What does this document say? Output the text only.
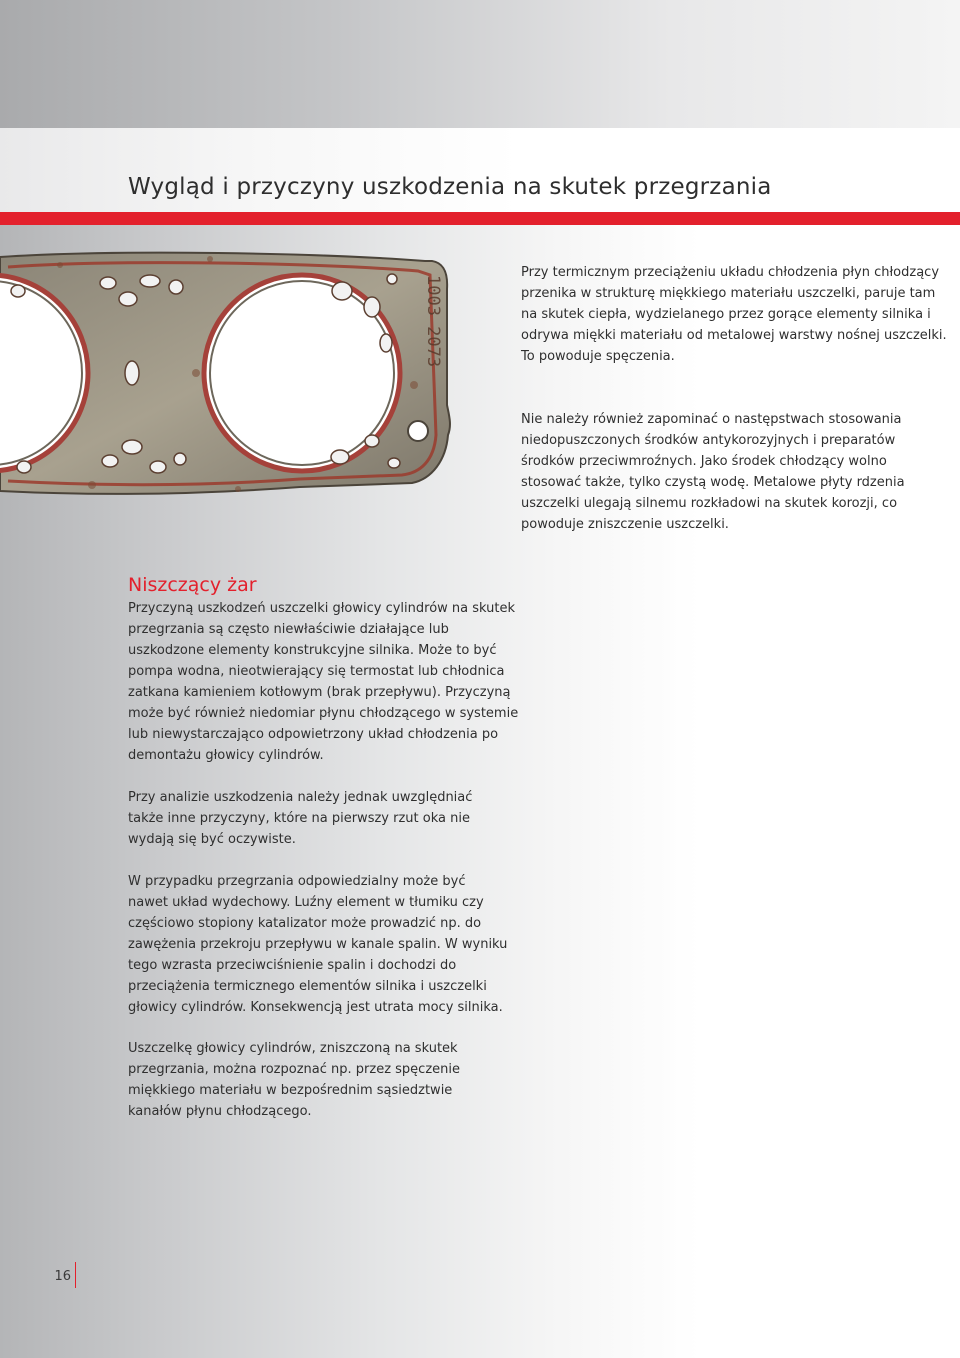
Wygląd i przyczyny uszkodzenia na skutek przegrzania
1003 2073

Przy termicznym przeciążeniu układu chłodzenia płyn chłodzący przenika w strukturę miękkiego materiału uszczelki, paruje tam na skutek ciepła, wydzielanego przez gorące elementy silnika i odrywa miękki materiału od metalowej warstwy nośnej uszczelki. To powoduje spęczenia.

Nie należy również zapominać o następstwach stosowania niedopuszczonych środków antykorozyjnych i preparatów środków przeciwmroźnych. Jako środek chłodzący wolno stosować także, tylko czystą wodę. Metalowe płyty rdzenia uszczelki ulegają silnemu rozkładowi na skutek korozji, co powoduje zniszczenie uszczelki.

Niszczący żar

Przyczyną uszkodzeń uszczelki głowicy cylindrów na skutek przegrzania są często niewłaściwie działające lub uszkodzone elementy konstrukcyjne silnika. Może to być pompa wodna, nieotwierający się termostat lub chłodnica zatkana kamieniem kotłowym (brak przepływu). Przyczyną może być również niedomiar płynu chłodzącego w systemie lub niewystarczająco odpowietrzony układ chłodzenia po demontażu głowicy cylindrów.

Przy analizie uszkodzenia należy jednak uwzględniać także inne przyczyny, które na pierwszy rzut oka nie wydają się być oczywiste.

W przypadku przegrzania odpowiedzialny może być nawet układ wydechowy. Luźny element w tłumiku czy częściowo stopiony katalizator może prowadzić np. do zawężenia przekroju przepływu w kanale spalin. W wyniku tego wzrasta przeciwciśnienie spalin i dochodzi do przeciążenia termicznego elementów silnika i uszczelki głowicy cylindrów. Konsekwencją jest utrata mocy silnika.

Uszczelkę głowicy cylindrów, zniszczoną na skutek przegrzania, można rozpoznać np. przez spęczenie miękkiego materiału w bezpośrednim sąsiedztwie kanałów płynu chłodzącego.

16
